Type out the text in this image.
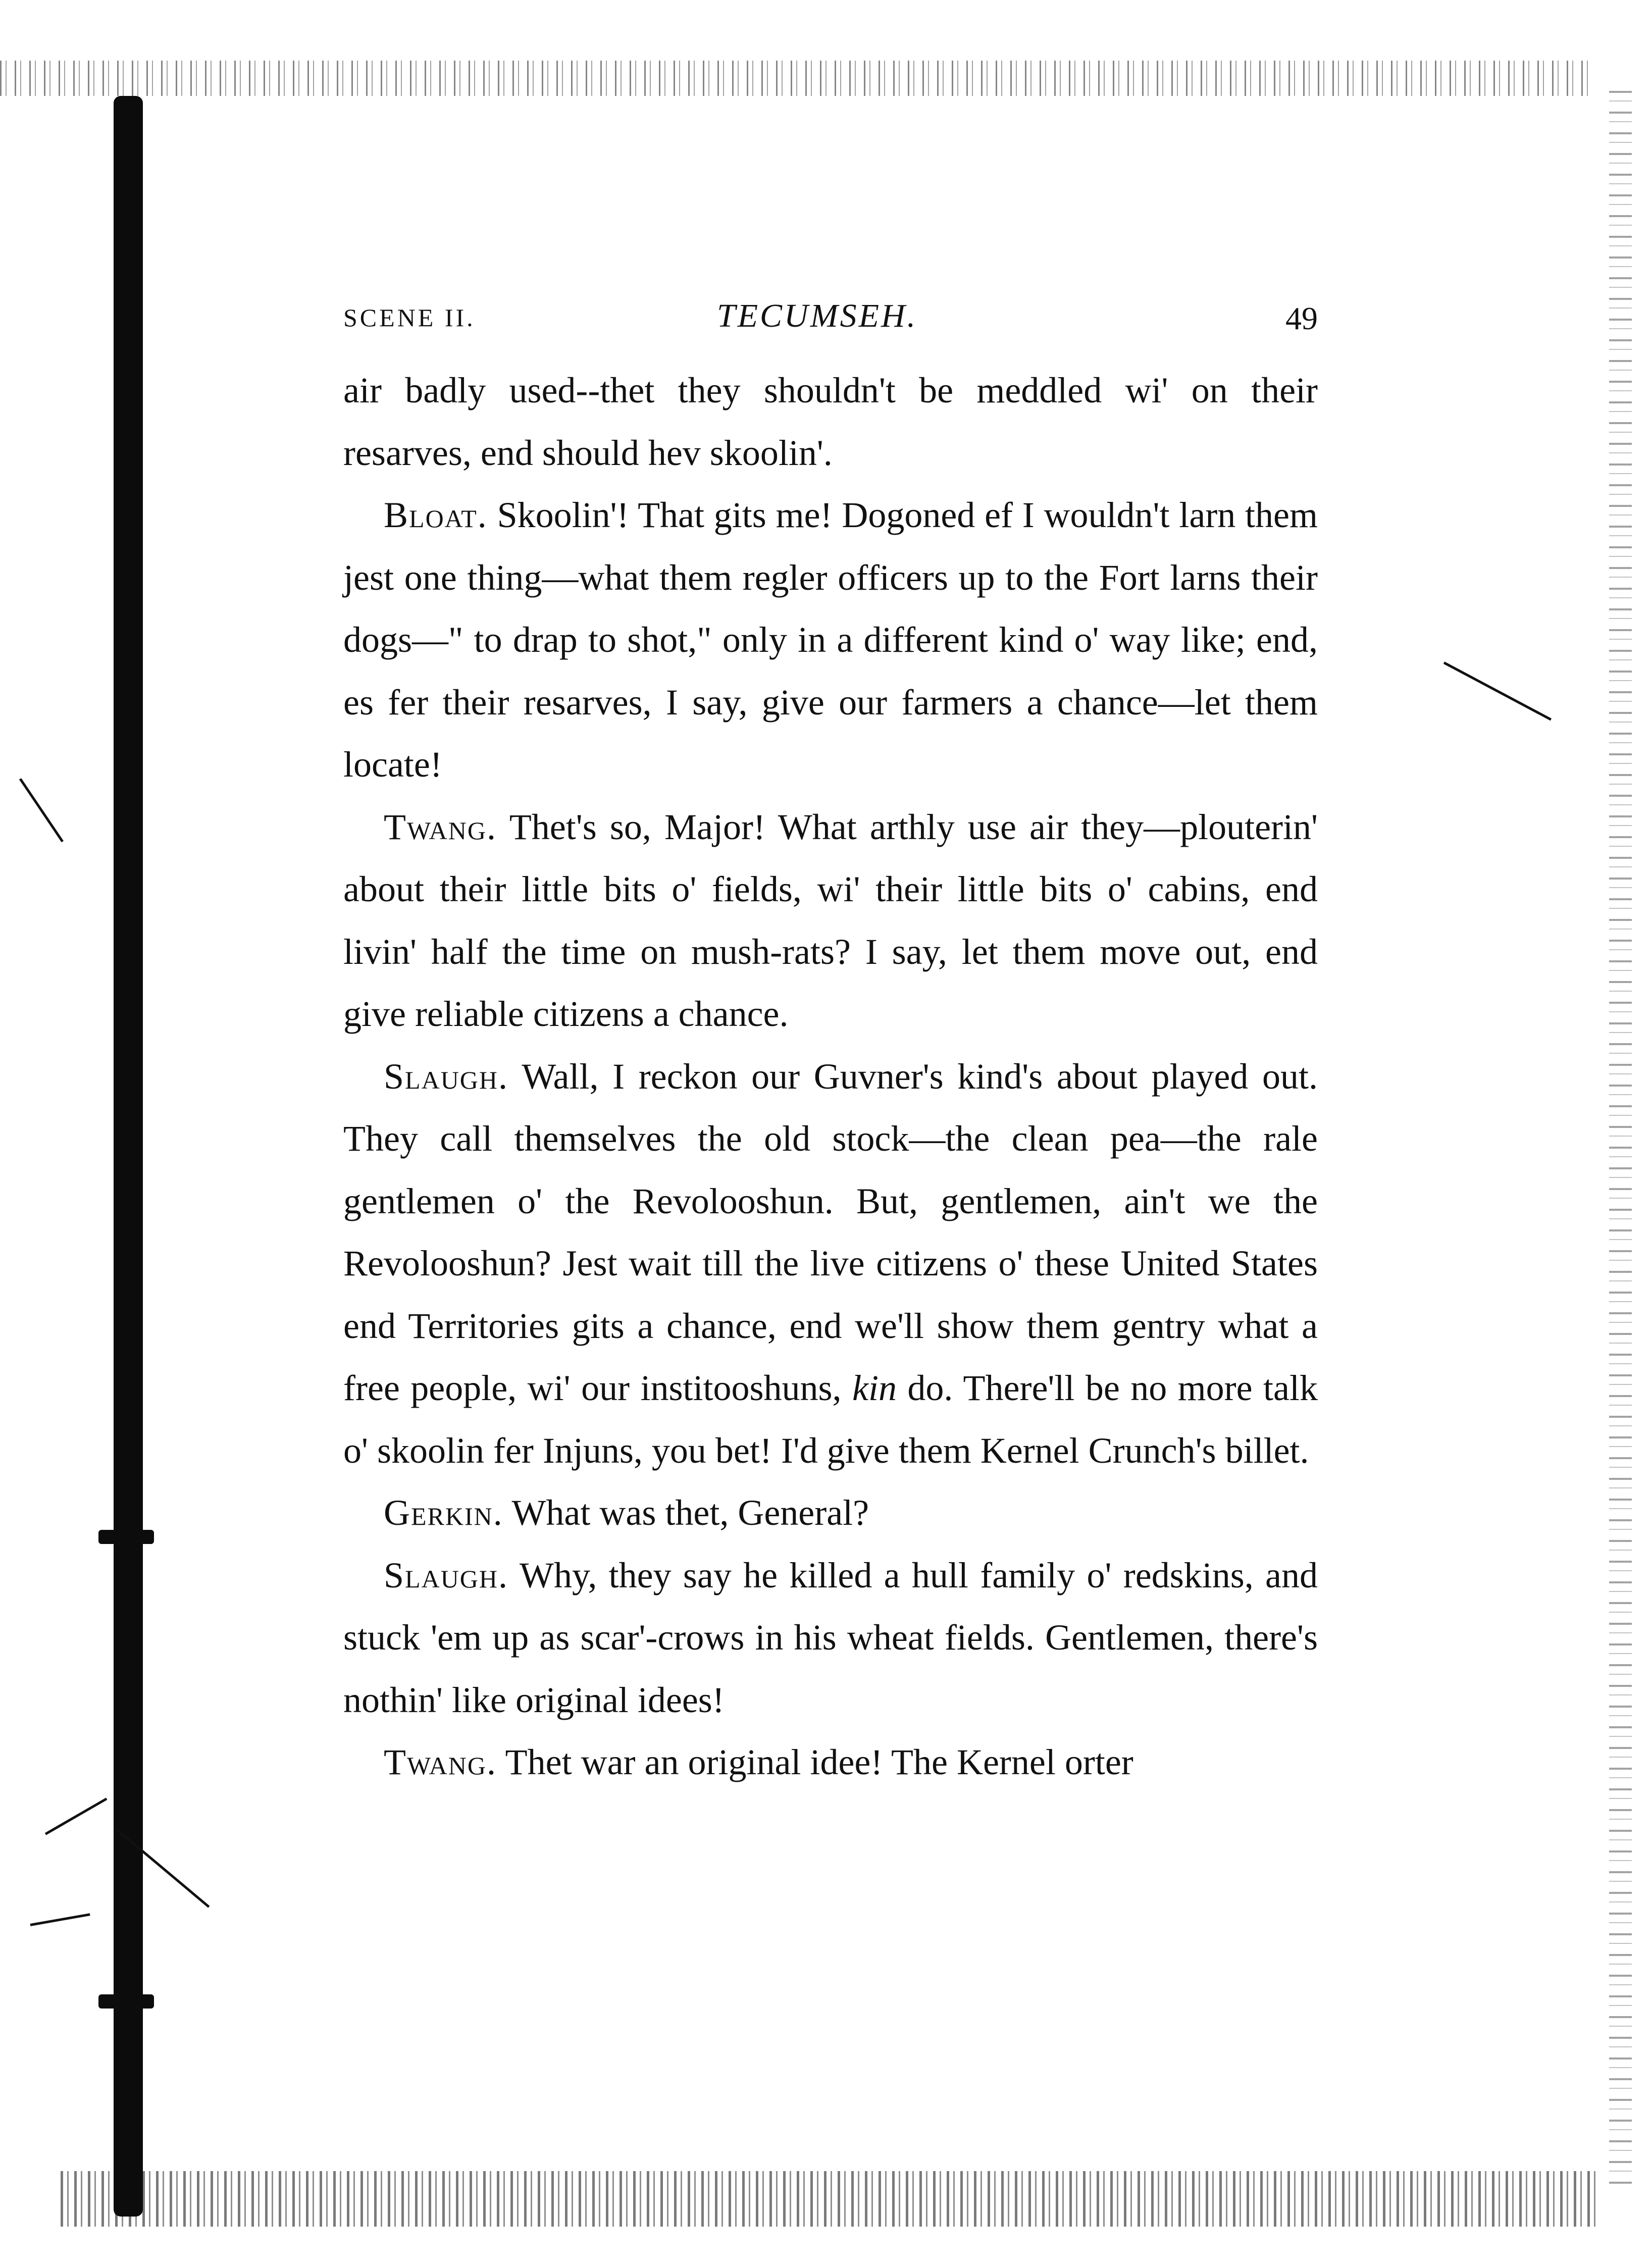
SCENE II.	TECUMSEH.	49

air badly used--thet they shouldn't be meddled wi' on their resarves, end should hev skoolin'.

Bloat. Skoolin'! That gits me! Dogoned ef I wouldn't larn them jest one thing—what them regler officers up to the Fort larns their dogs—" to drap to shot," only in a different kind o' way like; end, es fer their resarves, I say, give our farmers a chance—let them locate!

Twang. Thet's so, Major! What arthly use air they—plouterin' about their little bits o' fields, wi' their little bits o' cabins, end livin' half the time on mush-rats? I say, let them move out, end give reliable citizens a chance.

Slaugh. Wall, I reckon our Guvner's kind's about played out. They call themselves the old stock—the clean pea—the rale gentlemen o' the Revolooshun. But, gentlemen, ain't we the Revolooshun? Jest wait till the live citizens o' these United States end Territories gits a chance, end we'll show them gentry what a free people, wi' our institooshuns, kin do. There'll be no more talk o' skoolin fer Injuns, you bet! I'd give them Kernel Crunch's billet.

Gerkin. What was thet, General?

Slaugh. Why, they say he killed a hull family o' redskins, and stuck 'em up as scar'-crows in his wheat fields. Gentlemen, there's nothin' like original idees!

Twang. Thet war an original idee! The Kernel orter
